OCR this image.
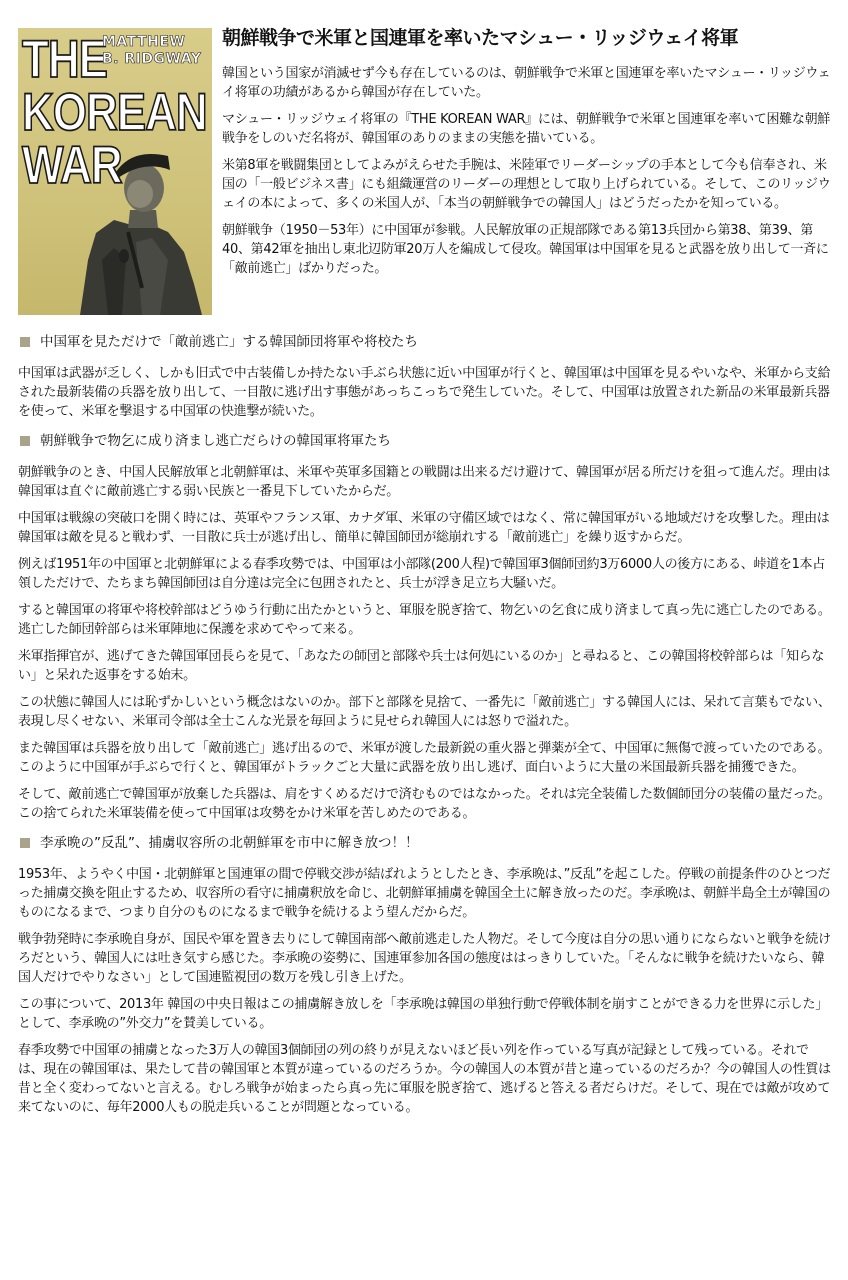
THE
KOREAN
WAR
MATTHEW
B. RIDGWAY
朝鮮戦争で米軍と国連軍を率いたマシュー・リッジウェイ将軍

韓国という国家が消滅せず今も存在しているのは、朝鮮戦争で米軍と国連軍を率いたマシュー・リッジウェイ将軍の功績があるから韓国が存在していた。

マシュー・リッジウェイ将軍の『THE KOREAN WAR』には、朝鮮戦争で米軍と国連軍を率いて困難な朝鮮戦争をしのいだ名将が、韓国軍のありのままの実態を描いている。

米第8軍を戦闘集団としてよみがえらせた手腕は、米陸軍でリーダーシップの手本として今も信奉され、米国の「一般ビジネス書」にも組織運営のリーダーの理想として取り上げられている。そして、このリッジウェイの本によって、多くの米国人が、「本当の朝鮮戦争での韓国人」はどうだったかを知っている。

朝鮮戦争（1950－53年）に中国軍が参戦。人民解放軍の正規部隊である第13兵団から第38、第39、第40、第42軍を抽出し東北辺防軍20万人を編成して侵攻。韓国軍は中国軍を見ると武器を放り出して一斉に「敵前逃亡」ばかりだった。

中国軍を見ただけで「敵前逃亡」する韓国師団将軍や将校たち

中国軍は武器が乏しく、しかも旧式で中古装備しか持たない手ぶら状態に近い中国軍が行くと、韓国軍は中国軍を見るやいなや、米軍から支給された最新装備の兵器を放り出して、一目散に逃げ出す事態があっちこっちで発生していた。そして、中国軍は放置された新品の米軍最新兵器を使って、米軍を撃退する中国軍の快進撃が続いた。

朝鮮戦争で物乞に成り済まし逃亡だらけの韓国軍将軍たち

朝鮮戦争のとき、中国人民解放軍と北朝鮮軍は、米軍や英軍多国籍との戦闘は出来るだけ避けて、韓国軍が居る所だけを狙って進んだ。理由は韓国軍は直ぐに敵前逃亡する弱い民族と一番見下していたからだ。

中国軍は戦線の突破口を開く時には、英軍やフランス軍、カナダ軍、米軍の守備区域ではなく、常に韓国軍がいる地域だけを攻撃した。理由は韓国軍は敵を見ると戦わず、一目散に兵士が逃げ出し、簡単に韓国師団が総崩れする「敵前逃亡」を繰り返すからだ。

例えば1951年の中国軍と北朝鮮軍による春季攻勢では、中国軍は小部隊(200人程)で韓国軍3個師団約3万6000人の後方にある、峠道を1本占領しただけで、たちまち韓国師団は自分達は完全に包囲されたと、兵士が浮き足立ち大騒いだ。

すると韓国軍の将軍や将校幹部はどうゆう行動に出たかというと、軍服を脱ぎ捨て、物乞いの乞食に成り済まして真っ先に逃亡したのである。逃亡した師団幹部らは米軍陣地に保護を求めてやって来る。

米軍指揮官が、逃げてきた韓国軍団長らを見て、「あなたの師団と部隊や兵士は何処にいるのか」と尋ねると、この韓国将校幹部らは「知らない」と呆れた返事をする始末。

この状態に韓国人には恥ずかしいという概念はないのか。部下と部隊を見捨て、一番先に「敵前逃亡」する韓国人には、呆れて言葉もでない、表現し尽くせない、米軍司令部は全士こんな光景を毎回ように見せられ韓国人には怒りで溢れた。

また韓国軍は兵器を放り出して「敵前逃亡」逃げ出るので、米軍が渡した最新鋭の重火器と弾薬が全て、中国軍に無傷で渡っていたのである。このように中国軍が手ぶらで行くと、韓国軍がトラックごと大量に武器を放り出し逃げ、面白いように大量の米国最新兵器を捕獲できた。

そして、敵前逃亡で韓国軍が放棄した兵器は、肩をすくめるだけで済むものではなかった。それは完全装備した数個師団分の装備の量だった。この捨てられた米軍装備を使って中国軍は攻勢をかけ米軍を苦しめたのである。

李承晩の”反乱”、捕虜収容所の北朝鮮軍を市中に解き放つ！！

1953年、ようやく中国・北朝鮮軍と国連軍の間で停戦交渉が結ばれようとしたとき、李承晩は、”反乱”を起こした。停戦の前提条件のひとつだった捕虜交換を阻止するため、収容所の看守に捕虜釈放を命じ、北朝鮮軍捕虜を韓国全土に解き放ったのだ。李承晩は、朝鮮半島全土が韓国のものになるまで、つまり自分のものになるまで戦争を続けるよう望んだからだ。

戦争勃発時に李承晩自身が、国民や軍を置き去りにして韓国南部へ敵前逃走した人物だ。そして今度は自分の思い通りにならないと戦争を続けろだという、韓国人には吐き気すら感じた。李承晩の姿勢に、国連軍参加各国の態度ははっきりしていた。「そんなに戦争を続けたいなら、韓国人だけでやりなさい」として国連監視団の数万を残し引き上げた。

この事について、2013年 韓国の中央日報はこの捕虜解き放しを「李承晩は韓国の単独行動で停戦体制を崩すことができる力を世界に示した」として、李承晩の”外交力”を賛美している。

春季攻勢で中国軍の捕虜となった3万人の韓国3個師団の列の終りが見えないほど長い列を作っている写真が記録として残っている。それでは、現在の韓国軍は、果たして昔の韓国軍と本質が違っているのだろうか。今の韓国人の本質が昔と違っているのだろか？今の韓国人の性質は昔と全く変わってないと言える。むしろ戦争が始まったら真っ先に軍服を脱ぎ捨て、逃げると答える者だらけだ。そして、現在では敵が攻めて来てないのに、毎年2000人もの脱走兵いることが問題となっている。
